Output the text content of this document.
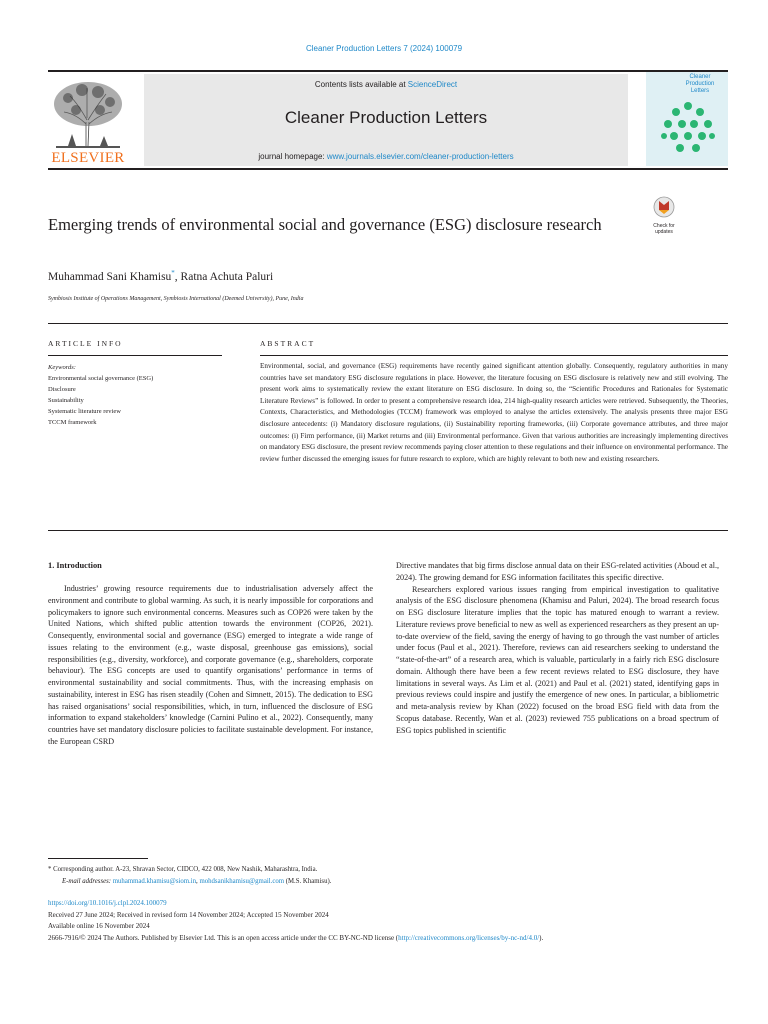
Cleaner Production Letters 7 (2024) 100079
ELSEVIER
Contents lists available at ScienceDirect
Cleaner Production Letters
journal homepage: www.journals.elsevier.com/cleaner-production-letters
Cleaner Production Letters
Emerging trends of environmental social and governance (ESG) disclosure research	Check for updates
Muhammad Sani Khamisu*, Ratna Achuta Paluri
Symbiosis Institute of Operations Management, Symbiosis International (Deemed University), Pune, India
ARTICLE INFO	ABSTRACT
Keywords:
Environmental social governance (ESG)
Disclosure
Sustainability
Systematic literature review
TCCM framework
Environmental, social, and governance (ESG) requirements have recently gained significant attention globally. Consequently, regulatory authorities in many countries have set mandatory ESG disclosure regulations in place. However, the literature focusing on ESG disclosure is relatively new and still evolving. The present work aims to systematically review the extant literature on ESG disclosure. In doing so, the “Scientific Procedures and Rationales for Systematic Literature Reviews” is followed. In order to present a comprehensive research idea, 214 high-quality research articles were retrieved. Subsequently, the Theories, Contexts, Characteristics, and Methodologies (TCCM) framework was employed to analyse the articles extensively. The analysis presents three major ESG disclosure antecedents: (i) Mandatory disclosure regulations, (ii) Sustainability reporting frameworks, (iii) Corporate governance attributes, and three major outcomes: (i) Firm performance, (ii) Market returns and (iii) Environmental performance. Given that various authorities are increasingly implementing directives on mandatory ESG disclosure, the present review recommends paying closer attention to these regulations and their influence on environmental performance. The review further discussed the emerging issues for future research to explore, which are highly relevant to both new and existing researchers.
1. Introduction

Industries’ growing resource requirements due to industrialisation adversely affect the environment and contribute to global warming. As such, it is nearly impossible for corporations and policymakers to ignore such environmental concerns. Measures such as COP26 were taken by the United Nations, which shifted public attention towards the environment (COP26, 2021). Consequently, environmental social and governance (ESG) emerged to integrate a wide range of issues relating to the environment (e.g., waste disposal, greenhouse gas emissions), social responsibilities (e.g., diversity, workforce), and corporate governance (e.g., shareholders, corporate behaviour). The ESG concepts are used to quantify organisations’ performance in terms of environmental sustainability and social commitments. Thus, with the increasing emphasis on sustainability, interest in ESG has risen steadily (Cohen and Simnett, 2015). The dedication to ESG has raised organisations’ social responsibilities, which, in turn, influenced the disclosure of ESG information to expand stakeholders’ knowledge (Carnini Pulino et al., 2022). Consequently, many countries have set mandatory disclosure policies to facilitate sustainable development. For instance, the European CSRD

Directive mandates that big firms disclose annual data on their ESG-related activities (Aboud et al., 2024). The growing demand for ESG information facilitates this specific directive.

Researchers explored various issues ranging from empirical investigation to qualitative analysis of the ESG disclosure phenomena (Khamisu and Paluri, 2024). The broad research focus on ESG disclosure literature implies that the topic has matured enough to warrant a review. Literature reviews prove beneficial to new as well as experienced researchers as they present an up-to-date overview of the field, saving the energy of having to go through the vast number of articles under focus (Paul et al., 2021). Therefore, reviews can aid researchers seeking to understand the “state-of-the-art” of a research area, which is valuable, particularly in a fairly rich ESG disclosure domain. Although there have been a few recent reviews related to ESG disclosure, they have limitations in several ways. As Lim et al. (2021) and Paul et al. (2021) stated, identifying gaps in previous reviews could inspire and justify the emergence of new ones. In particular, a bibliometric and meta-analysis review by Khan (2022) focused on the broad ESG field with data from the Scopus database. Recently, Wan et al. (2023) reviewed 755 publications on a broad spectrum of ESG topics published in scientific

* Corresponding author. A-23, Shravan Sector, CIDCO, 422 008, New Nashik, Maharashtra, India.
E-mail addresses: muhammad.khamisu@siom.in, mohdsanikhamisu@gmail.com (M.S. Khamisu).
https://doi.org/10.1016/j.clpl.2024.100079
Received 27 June 2024; Received in revised form 14 November 2024; Accepted 15 November 2024
Available online 16 November 2024
2666-7916/© 2024 The Authors. Published by Elsevier Ltd. This is an open access article under the CC BY-NC-ND license (http://creativecommons.org/licenses/by-nc-nd/4.0/).
